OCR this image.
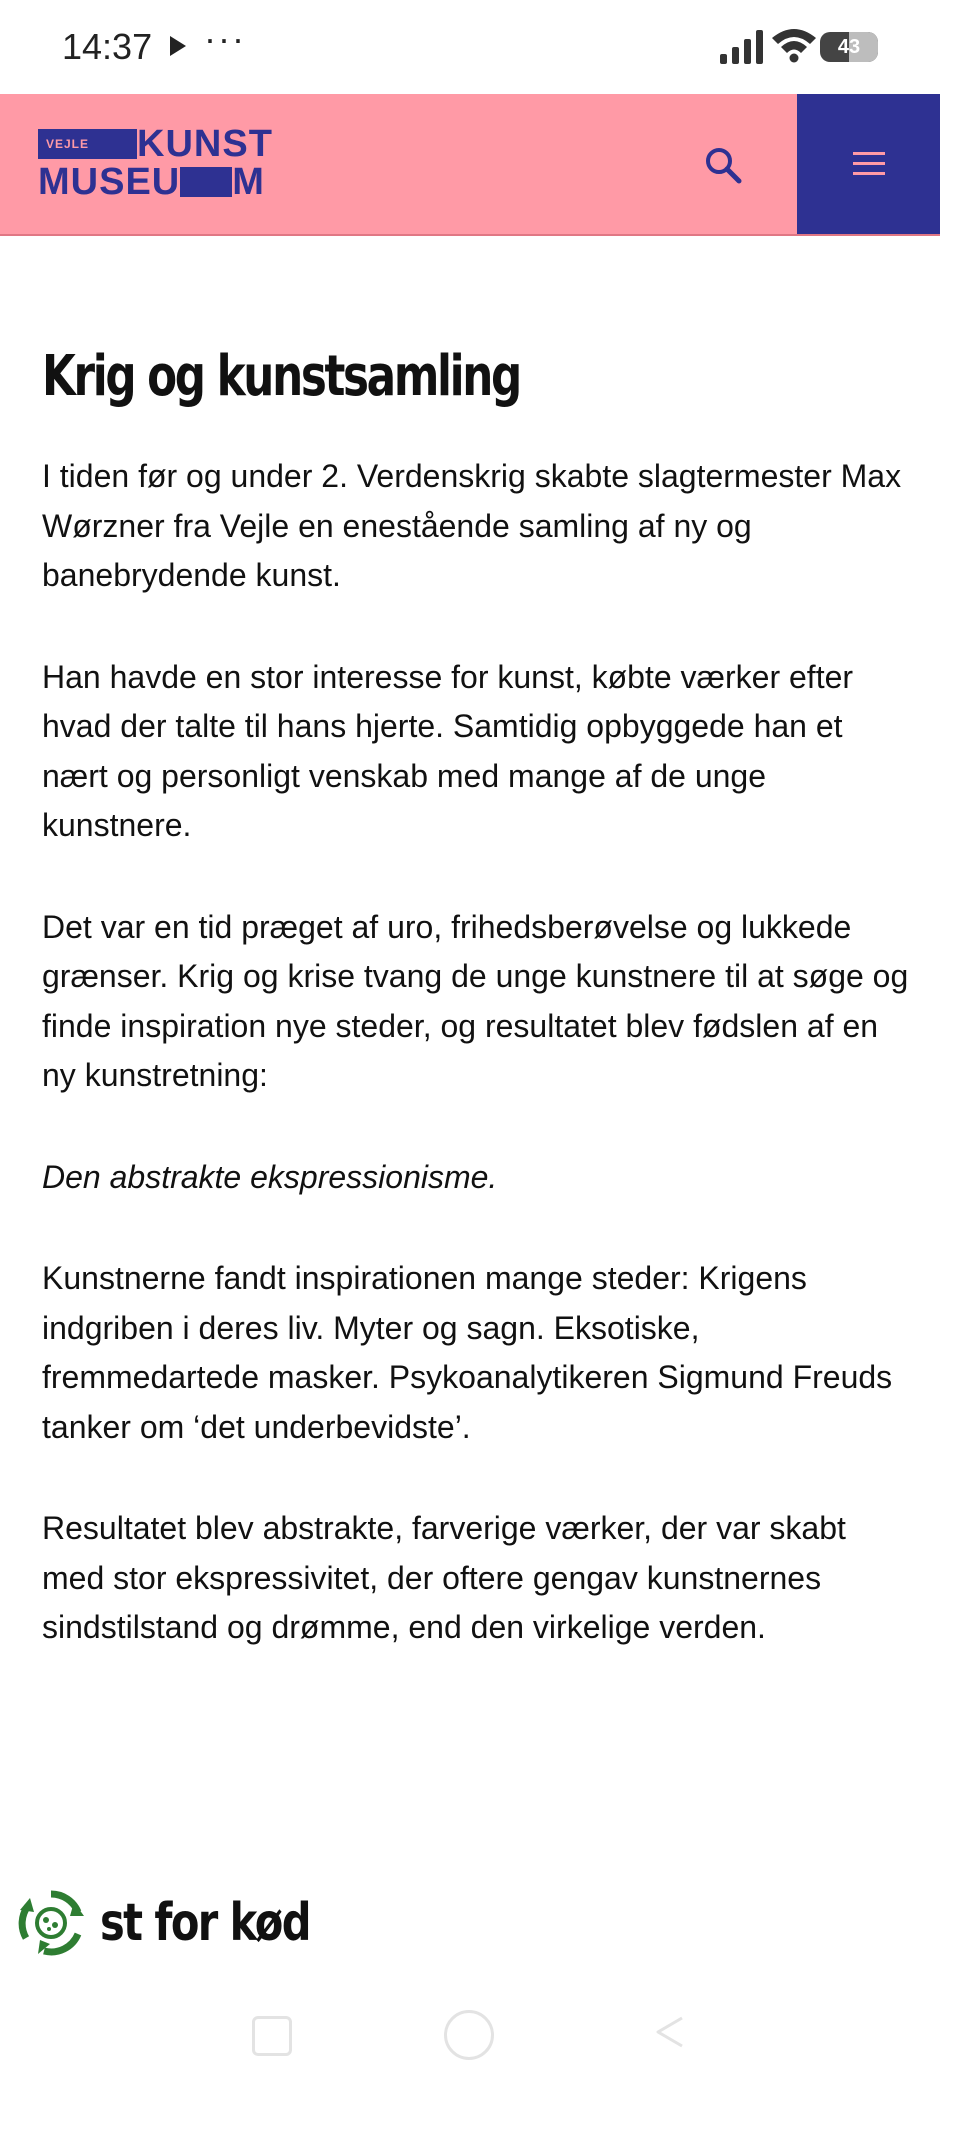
14:37 ···	43
VEJLE KUNST
MUSEU M
Krig og kunstsamling

I tiden før og under 2. Verdenskrig skabte slagtermester Max Wørzner fra Vejle en enestående samling af ny og banebrydende kunst.

Han havde en stor interesse for kunst, købte værker efter hvad der talte til hans hjerte. Samtidig opbyggede han et nært og personligt venskab med mange af de unge kunstnere.

Det var en tid præget af uro, frihedsberøvelse og lukkede grænser. Krig og krise tvang de unge kunstnere til at søge og finde inspiration nye steder, og resultatet blev fødslen af en ny kunstretning:

Den abstrakte ekspressionisme.

Kunstnerne fandt inspirationen mange steder: Krigens indgriben i deres liv. Myter og sagn. Eksotiske, fremmedartede masker. Psykoanalytikeren Sigmund Freuds tanker om ‘det underbevidste’.

Resultatet blev abstrakte, farverige værker, der var skabt med stor ekspressivitet, der oftere gengav kunstnernes sindstilstand og drømme, end den virkelige verden.

st for kød
